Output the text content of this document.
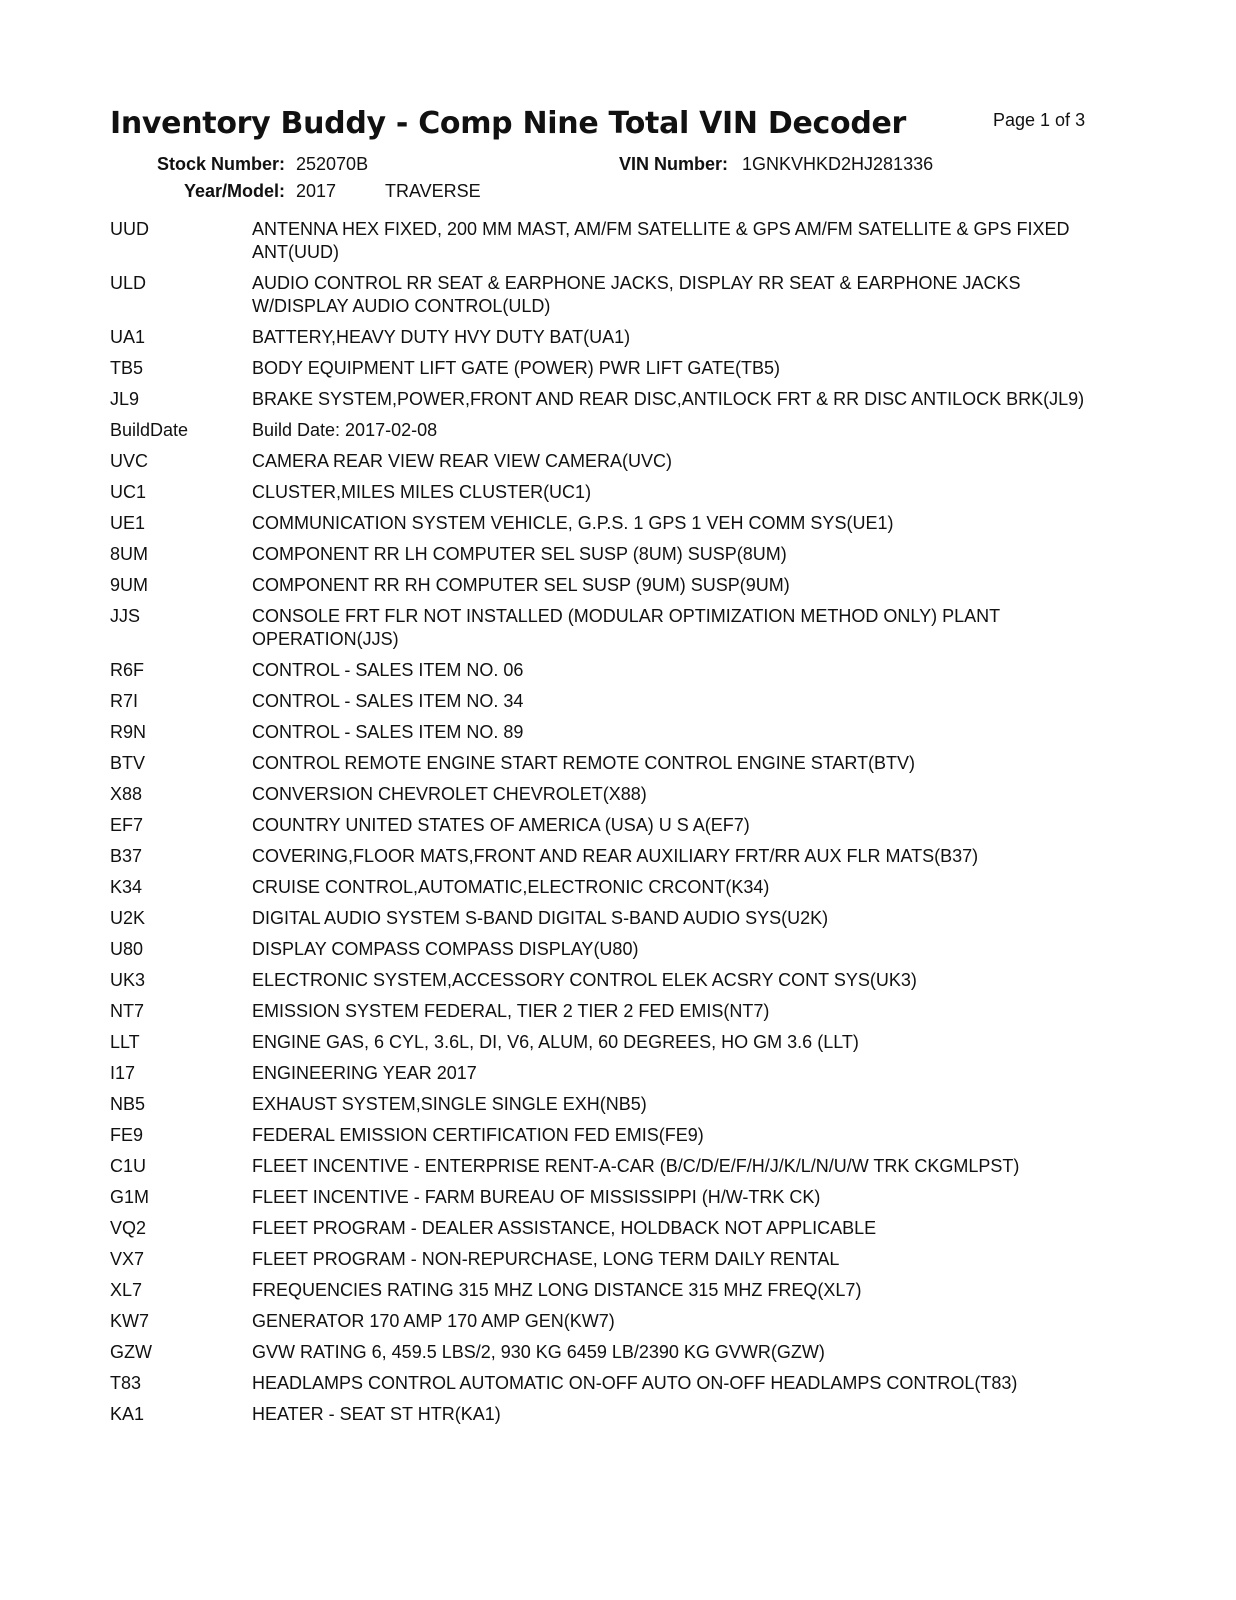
Inventory Buddy - Comp Nine Total VIN Decoder	Page 1 of 3
Stock Number: 252070B	VIN Number: 1GNKVHKD2HJ281336
Year/Model: 2017	TRAVERSE
UUD	ANTENNA HEX FIXED, 200 MM MAST, AM/FM SATELLITE & GPS AM/FM SATELLITE & GPS FIXED ANT(UUD)
ULD	AUDIO CONTROL RR SEAT & EARPHONE JACKS, DISPLAY RR SEAT & EARPHONE JACKS W/DISPLAY AUDIO CONTROL(ULD)
UA1	BATTERY,HEAVY DUTY HVY DUTY BAT(UA1)
TB5	BODY EQUIPMENT LIFT GATE (POWER) PWR LIFT GATE(TB5)
JL9	BRAKE SYSTEM,POWER,FRONT AND REAR DISC,ANTILOCK FRT & RR DISC ANTILOCK BRK(JL9)
BuildDate	Build Date: 2017-02-08
UVC	CAMERA REAR VIEW REAR VIEW CAMERA(UVC)
UC1	CLUSTER,MILES MILES CLUSTER(UC1)
UE1	COMMUNICATION SYSTEM VEHICLE, G.P.S. 1 GPS 1 VEH COMM SYS(UE1)
8UM	COMPONENT RR LH COMPUTER SEL SUSP (8UM) SUSP(8UM)
9UM	COMPONENT RR RH COMPUTER SEL SUSP (9UM) SUSP(9UM)
JJS	CONSOLE FRT FLR NOT INSTALLED (MODULAR OPTIMIZATION METHOD ONLY) PLANT OPERATION(JJS)
R6F	CONTROL - SALES ITEM NO. 06
R7I	CONTROL - SALES ITEM NO. 34
R9N	CONTROL - SALES ITEM NO. 89
BTV	CONTROL REMOTE ENGINE START REMOTE CONTROL ENGINE START(BTV)
X88	CONVERSION CHEVROLET CHEVROLET(X88)
EF7	COUNTRY UNITED STATES OF AMERICA (USA) U S A(EF7)
B37	COVERING,FLOOR MATS,FRONT AND REAR AUXILIARY FRT/RR AUX FLR MATS(B37)
K34	CRUISE CONTROL,AUTOMATIC,ELECTRONIC CRCONT(K34)
U2K	DIGITAL AUDIO SYSTEM S-BAND DIGITAL S-BAND AUDIO SYS(U2K)
U80	DISPLAY COMPASS COMPASS DISPLAY(U80)
UK3	ELECTRONIC SYSTEM,ACCESSORY CONTROL ELEK ACSRY CONT SYS(UK3)
NT7	EMISSION SYSTEM FEDERAL, TIER 2 TIER 2 FED EMIS(NT7)
LLT	ENGINE GAS, 6 CYL, 3.6L, DI, V6, ALUM, 60 DEGREES, HO GM 3.6 (LLT)
I17	ENGINEERING YEAR 2017
NB5	EXHAUST SYSTEM,SINGLE SINGLE EXH(NB5)
FE9	FEDERAL EMISSION CERTIFICATION FED EMIS(FE9)
C1U	FLEET INCENTIVE - ENTERPRISE RENT-A-CAR (B/C/D/E/F/H/J/K/L/N/U/W TRK CKGMLPST)
G1M	FLEET INCENTIVE - FARM BUREAU OF MISSISSIPPI (H/W-TRK CK)
VQ2	FLEET PROGRAM - DEALER ASSISTANCE, HOLDBACK NOT APPLICABLE
VX7	FLEET PROGRAM - NON-REPURCHASE, LONG TERM DAILY RENTAL
XL7	FREQUENCIES RATING 315 MHZ LONG DISTANCE 315 MHZ FREQ(XL7)
KW7	GENERATOR 170 AMP 170 AMP GEN(KW7)
GZW	GVW RATING 6, 459.5 LBS/2, 930 KG 6459 LB/2390 KG GVWR(GZW)
T83	HEADLAMPS CONTROL AUTOMATIC ON-OFF AUTO ON-OFF HEADLAMPS CONTROL(T83)
KA1	HEATER - SEAT ST HTR(KA1)
